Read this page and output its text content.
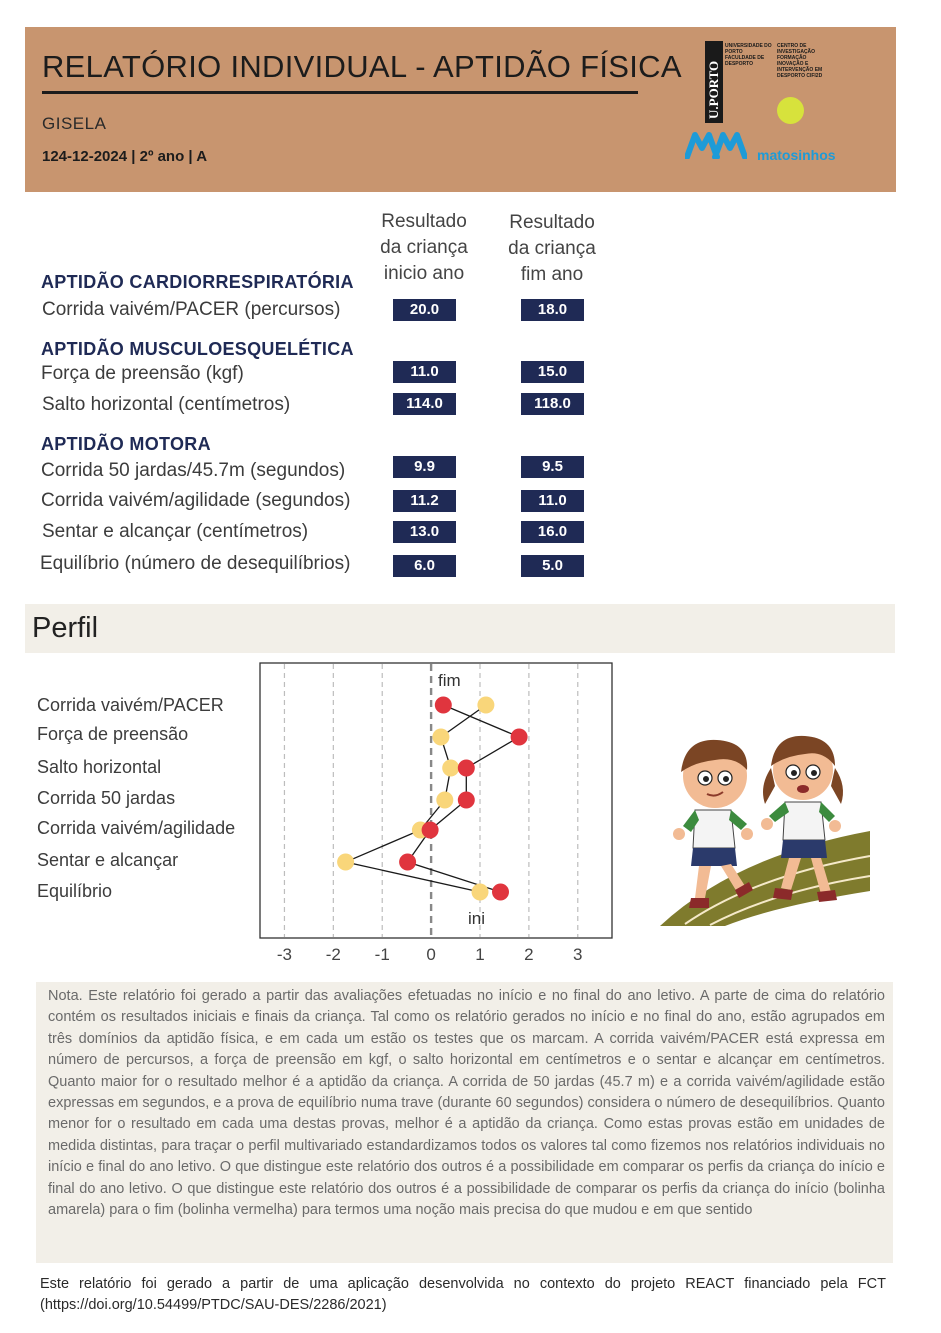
RELATÓRIO INDIVIDUAL - APTIDÃO FÍSICA
GISELA
124-12-2024 | 2º ano | A
U.PORTO
UNIVERSIDADE DO PORTO FACULDADE DE DESPORTO
CENTRO DE INVESTIGAÇÃO FORMAÇÃO INOVAÇÃO E INTERVENÇÃO EM DESPORTO CIFI2D
matosinhos
Resultado da criança inicio ano
Resultado da criança fim ano
APTIDÃO CARDIORRESPIRATÓRIA
Corrida vaivém/PACER (percursos)	20.0	18.0
APTIDÃO MUSCULOESQUELÉTICA
Força de preensão (kgf)	11.0	15.0
Salto horizontal (centímetros)	114.0	118.0
APTIDÃO MOTORA
Corrida 50 jardas/45.7m (segundos)	9.9	9.5
Corrida vaivém/agilidade (segundos)	11.2	11.0
Sentar e alcançar (centímetros)	13.0	16.0
Equilíbrio (número de desequilíbrios)	6.0	5.0
Perfil
Corrida vaivém/PACER
Força de preensão
Salto horizontal
Corrida 50 jardas
Corrida vaivém/agilidade
Sentar e alcançar
Equilíbrio
fim
ini
-3 -2 -1 0 1 2 3

Nota. Este relatório foi gerado a partir das avaliações efetuadas no início e no final do ano letivo. A parte de cima do relatório contém os resultados iniciais e finais da criança. Tal como os relatório gerados no início e no final do ano, estão agrupados em três domínios da aptidão física, e em cada um estão os testes que os marcam. A corrida vaivém/PACER está expressa em número de percursos, a força de preensão em kgf, o salto horizontal em centímetros e o sentar e alcançar em centímetros. Quanto maior for o resultado melhor é a aptidão da criança. A corrida de 50 jardas (45.7 m) e a corrida vaivém/agilidade estão expressas em segundos, e a prova de equilíbrio numa trave (durante 60 segundos) considera o número de desequilíbrios. Quanto menor for o resultado em cada uma destas provas, melhor é a aptidão da criança. Como estas provas estão em unidades de medida distintas, para traçar o perfil multivariado estandardizamos todos os valores tal como fizemos nos relatórios individuais no início e final do ano letivo. O que distingue este relatório dos outros é a possibilidade em comparar os perfis da criança do início e final do ano letivo. O que distingue este relatório dos outros é a possibilidade de comparar os perfis da criança do início (bolinha amarela) para o fim (bolinha vermelha) para termos uma noção mais precisa do que mudou e em que sentido

Este relatório foi gerado a partir de uma aplicação desenvolvida no contexto do projeto REACT financiado pela FCT (https://doi.org/10.54499/PTDC/SAU-DES/2286/2021)
